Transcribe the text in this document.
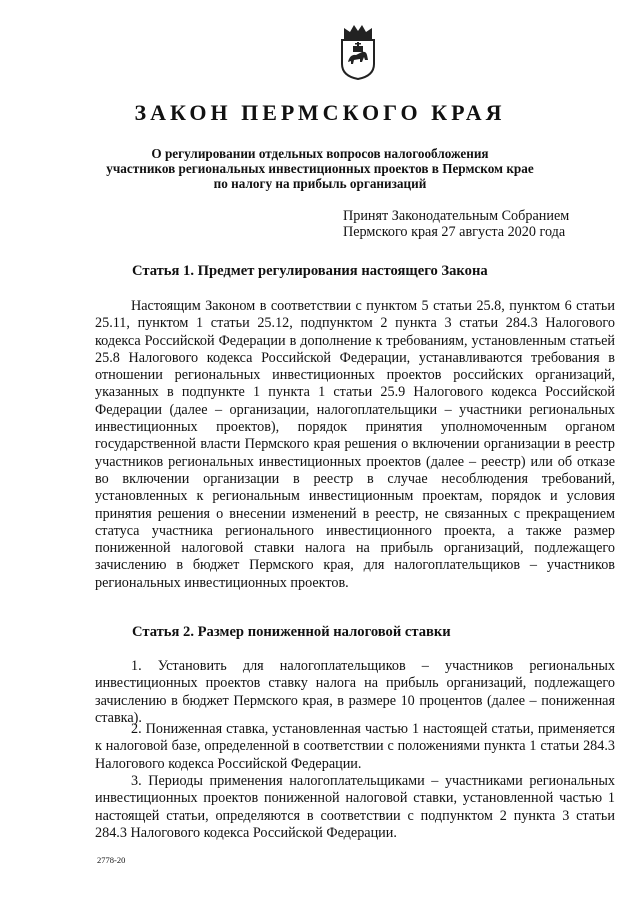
ЗАКОН ПЕРМСКОГО КРАЯ
О регулировании отдельных вопросов налогообложения
участников региональных инвестиционных проектов в Пермском крае
по налогу на прибыль организаций
Принят Законодательным Собранием
Пермского края 27 августа 2020 года
Статья 1. Предмет регулирования настоящего Закона

Настоящим Законом в соответствии с пунктом 5 статьи 25.8, пунктом 6 статьи 25.11, пунктом 1 статьи 25.12, подпунктом 2 пункта 3 статьи 284.3 Налогового кодекса Российской Федерации в дополнение к требованиям, установленным статьей 25.8 Налогового кодекса Российской Федерации, устанавливаются требования в отношении региональных инвестиционных проектов российских организаций, указанных в подпункте 1 пункта 1 статьи 25.9 Налогового кодекса Российской Федерации (далее – организации, налогоплательщики – участники региональных инвестиционных проектов), порядок принятия уполномоченным органом государственной власти Пермского края решения о включении организации в реестр участников региональных инвестиционных проектов (далее – реестр) или об отказе во включении организации в реестр в случае несоблюдения требований, установленных к региональным инвестиционным проектам, порядок и условия принятия решения о внесении изменений в реестр, не связанных с прекращением статуса участника регионального инвестиционного проекта, а также размер пониженной налоговой ставки налога на прибыль организаций, подлежащего зачислению в бюджет Пермского края, для налогоплательщиков – участников региональных инвестиционных проектов.

Статья 2. Размер пониженной налоговой ставки

1. Установить для налогоплательщиков – участников региональных инвестиционных проектов ставку налога на прибыль организаций, подлежащего зачислению в бюджет Пермского края, в размере 10 процентов (далее – пониженная ставка).

2. Пониженная ставка, установленная частью 1 настоящей статьи, применяется к налоговой базе, определенной в соответствии с положениями пункта 1 статьи 284.3 Налогового кодекса Российской Федерации.

3. Периоды применения налогоплательщиками – участниками региональных инвестиционных проектов пониженной налоговой ставки, установленной частью 1 настоящей статьи, определяются в соответствии с подпунктом 2 пункта 3 статьи 284.3 Налогового кодекса Российской Федерации.

2778-20
